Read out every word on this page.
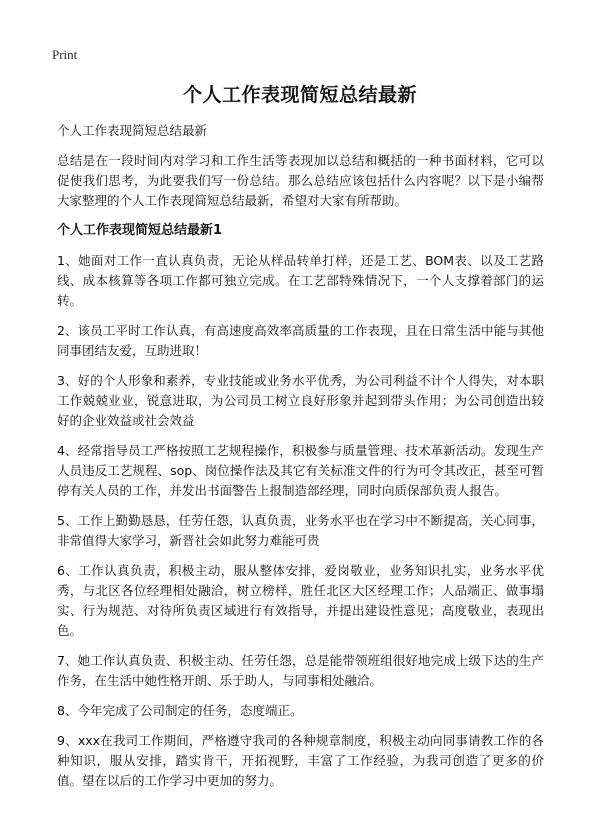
Print
个人工作表现简短总结最新

个人工作表现简短总结最新

总结是在一段时间内对学习和工作生活等表现加以总结和概括的一种书面材料，它可以促使我们思考，为此要我们写一份总结。那么总结应该包括什么内容呢？以下是小编帮大家整理的个人工作表现简短总结最新，希望对大家有所帮助。

个人工作表现简短总结最新1

1、她面对工作一直认真负责，无论从样品转单打样，还是工艺、BOM表、以及工艺路线、成本核算等各项工作都可独立完成。在工艺部特殊情况下，一个人支撑着部门的运转。

2、该员工平时工作认真，有高速度高效率高质量的工作表现，且在日常生活中能与其他同事团结友爱，互助进取！

3、好的个人形象和素养，专业技能或业务水平优秀，为公司利益不计个人得失，对本职工作兢兢业业，锐意进取，为公司员工树立良好形象并起到带头作用；为公司创造出较好的企业效益或社会效益

4、经常指导员工严格按照工艺规程操作，积极参与质量管理、技术革新活动。发现生产人员违反工艺规程、sop、岗位操作法及其它有关标准文件的行为可令其改正，甚至可暂停有关人员的工作，并发出书面警告上报制造部经理，同时向质保部负责人报告。

5、工作上勤勤恳恳，任劳任怨，认真负责，业务水平也在学习中不断提高，关心同事，非常值得大家学习，新晋社会如此努力难能可贵

6、工作认真负责，积极主动，服从整体安排，爱岗敬业，业务知识扎实，业务水平优秀，与北区各位经理相处融洽，树立榜样，胜任北区大区经理工作；人品端正、做事塌实、行为规范、对待所负责区域进行有效指导，并提出建设性意见；高度敬业，表现出色。

7、她工作认真负责、积极主动、任劳任怨，总是能带领班组很好地完成上级下达的生产作务，在生活中她性格开朗、乐于助人，与同事相处融洽。

8、今年完成了公司制定的任务，态度端正。

9、xxx在我司工作期间，严格遵守我司的各种规章制度，积极主动向同事请教工作的各种知识，服从安排，踏实肯干，开拓视野，丰富了工作经验，为我司创造了更多的价值。望在以后的工作学习中更加的努力。
